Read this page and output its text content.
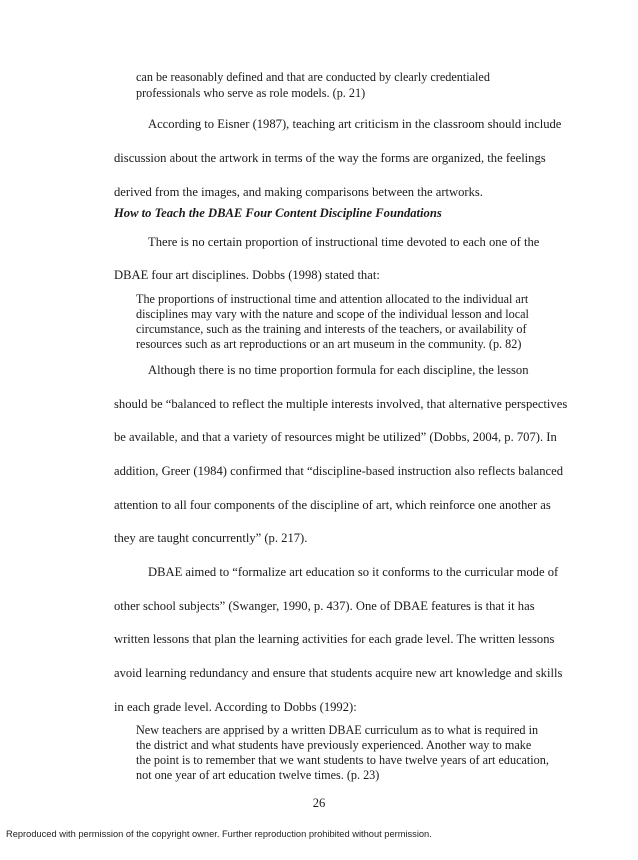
can be reasonably defined and that are conducted by clearly credentialed
professionals who serve as role models. (p. 21)
According to Eisner (1987), teaching art criticism in the classroom should include
discussion about the artwork in terms of the way the forms are organized, the feelings
derived from the images, and making comparisons between the artworks.
How to Teach the DBAE Four Content Discipline Foundations
There is no certain proportion of instructional time devoted to each one of the
DBAE four art disciplines. Dobbs (1998) stated that:
The proportions of instructional time and attention allocated to the individual art
disciplines may vary with the nature and scope of the individual lesson and local
circumstance, such as the training and interests of the teachers, or availability of
resources such as art reproductions or an art museum in the community. (p. 82)
Although there is no time proportion formula for each discipline, the lesson
should be “balanced to reflect the multiple interests involved, that alternative perspectives
be available, and that a variety of resources might be utilized” (Dobbs, 2004, p. 707). In
addition, Greer (1984) confirmed that “discipline-based instruction also reflects balanced
attention to all four components of the discipline of art, which reinforce one another as
they are taught concurrently” (p. 217).
DBAE aimed to “formalize art education so it conforms to the curricular mode of
other school subjects” (Swanger, 1990, p. 437). One of DBAE features is that it has
written lessons that plan the learning activities for each grade level. The written lessons
avoid learning redundancy and ensure that students acquire new art knowledge and skills
in each grade level. According to Dobbs (1992):
New teachers are apprised by a written DBAE curriculum as to what is required in
the district and what students have previously experienced. Another way to make
the point is to remember that we want students to have twelve years of art education,
not one year of art education twelve times. (p. 23)
26
Reproduced with permission of the copyright owner. Further reproduction prohibited without permission.
